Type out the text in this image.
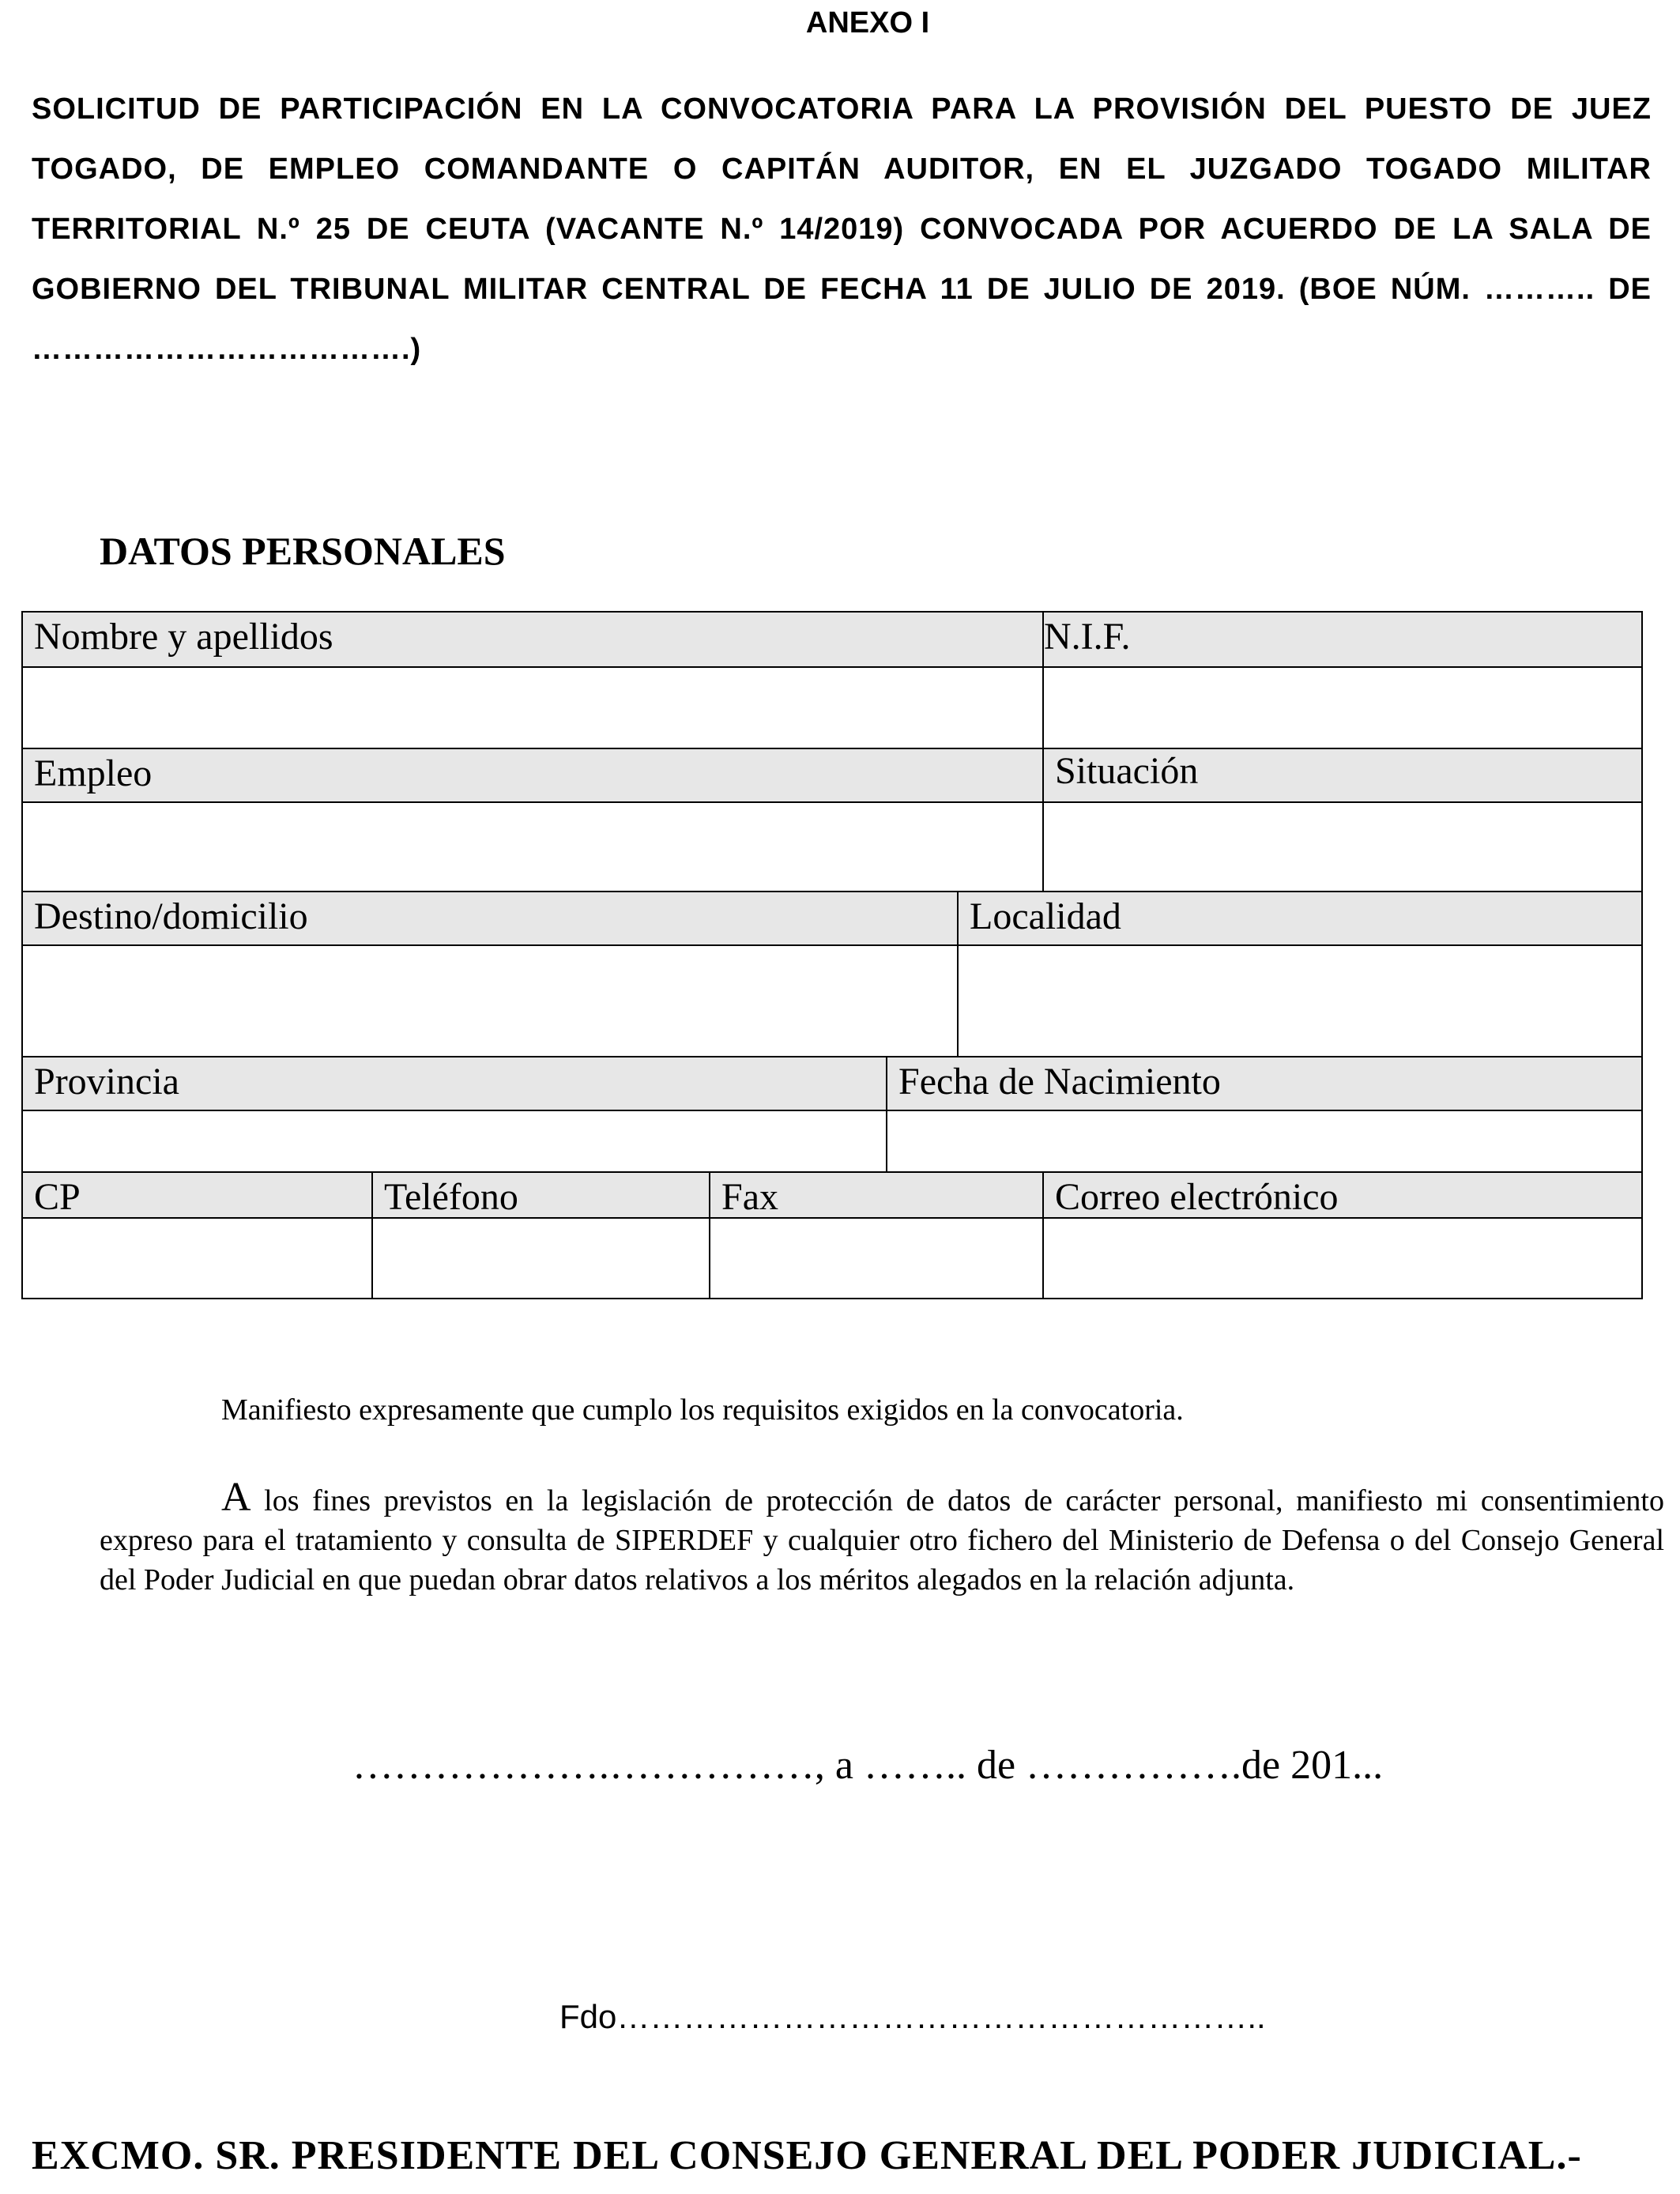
ANEXO I
SOLICITUD DE PARTICIPACIÓN EN LA CONVOCATORIA PARA LA PROVISIÓN DEL PUESTO DE JUEZ TOGADO, DE EMPLEO COMANDANTE O CAPITÁN AUDITOR, EN EL JUZGADO TOGADO MILITAR TERRITORIAL N.º 25 DE CEUTA (VACANTE N.º 14/2019) CONVOCADA POR ACUERDO DE LA SALA DE GOBIERNO DEL TRIBUNAL MILITAR CENTRAL DE FECHA 11 DE JULIO DE 2019. (BOE NÚM. ……….. DE ……………………………….)
DATOS PERSONALES
Nombre y apellidos	N.I.F.
Empleo	Situación
Destino/domicilio	Localidad
Provincia	Fecha de Nacimiento
CP	Teléfono	Fax	Correo electrónico
Manifiesto expresamente que cumplo los requisitos exigidos en la convocatoria.
A los fines previstos en la legislación de protección de datos de carácter personal, manifiesto mi consentimiento expreso para el tratamiento y consulta de SIPERDEF y cualquier otro fichero del Ministerio de Defensa o del Consejo General del Poder Judicial en que puedan obrar datos relativos a los méritos alegados en la relación adjunta.
……………….……………, a …….. de …………….de 201...
Fdo…………………………………………………..
EXCMO. SR. PRESIDENTE DEL CONSEJO GENERAL DEL PODER JUDICIAL.-
